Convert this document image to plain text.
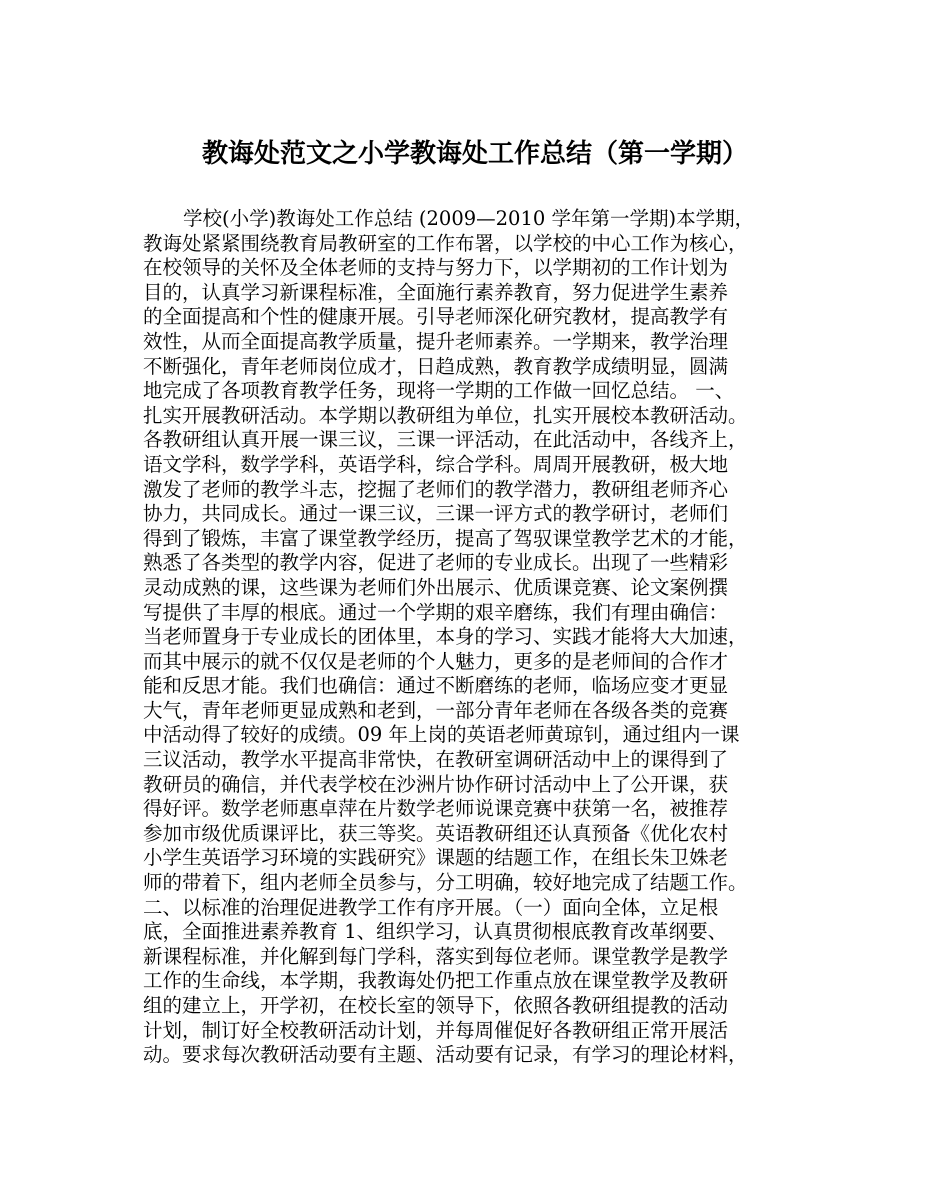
教诲处范文之小学教诲处工作总结（第一学期）
学校(小学)教诲处工作总结 (2009—2010 学年第一学期)本学期，
教诲处紧紧围绕教育局教研室的工作布署，以学校的中心工作为核心，
在校领导的关怀及全体老师的支持与努力下，以学期初的工作计划为
目的，认真学习新课程标准，全面施行素养教育，努力促进学生素养
的全面提高和个性的健康开展。引导老师深化研究教材，提高教学有
效性，从而全面提高教学质量，提升老师素养。一学期来，教学治理
不断强化，青年老师岗位成才，日趋成熟，教育教学成绩明显，圆满
地完成了各项教育教学任务，现将一学期的工作做一回忆总结。 一、
扎实开展教研活动。本学期以教研组为单位，扎实开展校本教研活动。
各教研组认真开展一课三议，三课一评活动，在此活动中，各线齐上，
语文学科，数学学科，英语学科，综合学科。周周开展教研，极大地
激发了老师的教学斗志，挖掘了老师们的教学潜力，教研组老师齐心
协力，共同成长。通过一课三议，三课一评方式的教学研讨，老师们
得到了锻炼，丰富了课堂教学经历，提高了驾驭课堂教学艺术的才能，
熟悉了各类型的教学内容，促进了老师的专业成长。出现了一些精彩
灵动成熟的课，这些课为老师们外出展示、优质课竞赛、论文案例撰
写提供了丰厚的根底。通过一个学期的艰辛磨练，我们有理由确信：
当老师置身于专业成长的团体里，本身的学习、实践才能将大大加速，
而其中展示的就不仅仅是老师的个人魅力，更多的是老师间的合作才
能和反思才能。我们也确信：通过不断磨练的老师，临场应变才更显
大气，青年老师更显成熟和老到，一部分青年老师在各级各类的竞赛
中活动得了较好的成绩。09 年上岗的英语老师黄琼钊，通过组内一课
三议活动，教学水平提高非常快，在教研室调研活动中上的课得到了
教研员的确信，并代表学校在沙洲片协作研讨活动中上了公开课，获
得好评。数学老师惠卓萍在片数学老师说课竞赛中获第一名，被推荐
参加市级优质课评比，获三等奖。英语教研组还认真预备《优化农村
小学生英语学习环境的实践研究》课题的结题工作，在组长朱卫姝老
师的带着下，组内老师全员参与，分工明确，较好地完成了结题工作。
二、以标准的治理促进教学工作有序开展。（一）面向全体，立足根
底，全面推进素养教育 1、组织学习，认真贯彻根底教育改革纲要、
新课程标准，并化解到每门学科，落实到每位老师。课堂教学是教学
工作的生命线，本学期，我教诲处仍把工作重点放在课堂教学及教研
组的建立上，开学初，在校长室的领导下，依照各教研组提教的活动
计划，制订好全校教研活动计划，并每周催促好各教研组正常开展活
动。要求每次教研活动要有主题、活动要有记录，有学习的理论材料，
